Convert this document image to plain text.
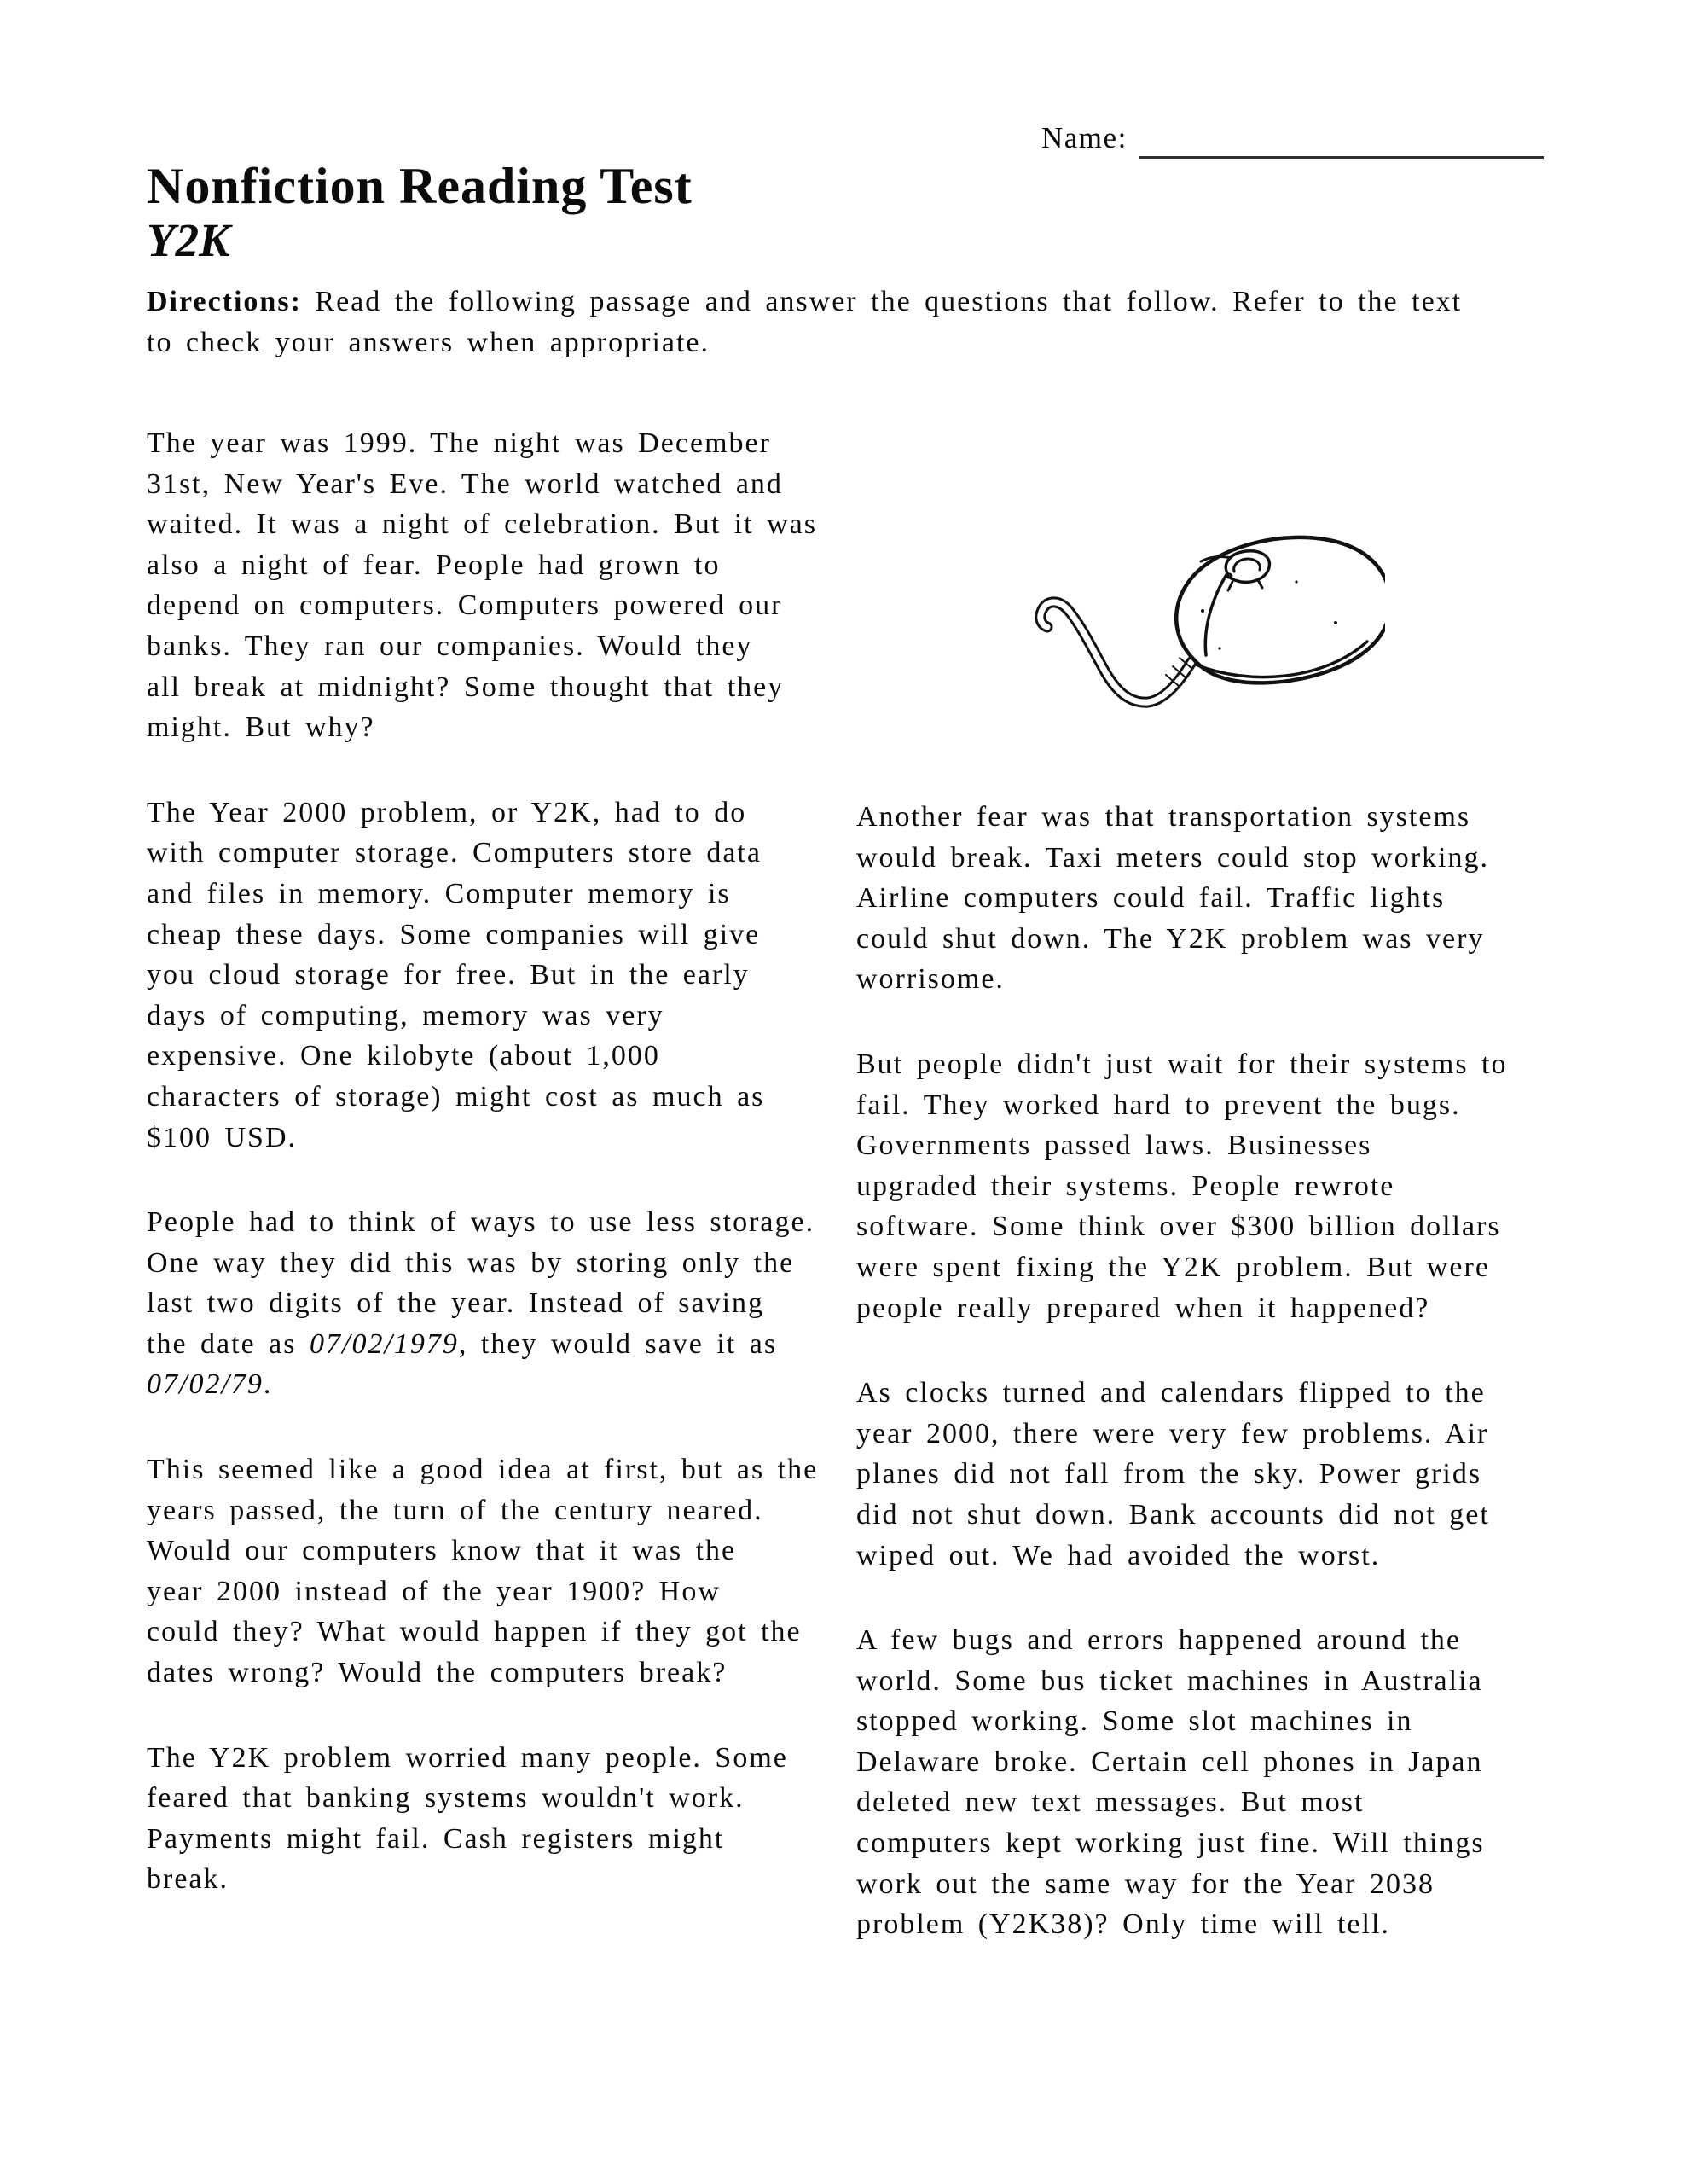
Name:
Nonfiction Reading Test
Y2K
Directions: Read the following passage and answer the questions that follow. Refer to the text
to check your answers when appropriate.

The year was 1999. The night was December
31st, New Year's Eve. The world watched and
waited. It was a night of celebration. But it was
also a night of fear. People had grown to
depend on computers. Computers powered our
banks. They ran our companies. Would they
all break at midnight? Some thought that they
might. But why?

The Year 2000 problem, or Y2K, had to do
with computer storage. Computers store data
and files in memory. Computer memory is
cheap these days. Some companies will give
you cloud storage for free. But in the early
days of computing, memory was very
expensive. One kilobyte (about 1,000
characters of storage) might cost as much as
$100 USD.

People had to think of ways to use less storage.
One way they did this was by storing only the
last two digits of the year. Instead of saving
the date as 07/02/1979, they would save it as
07/02/79.

This seemed like a good idea at first, but as the
years passed, the turn of the century neared.
Would our computers know that it was the
year 2000 instead of the year 1900? How
could they? What would happen if they got the
dates wrong? Would the computers break?

The Y2K problem worried many people. Some
feared that banking systems wouldn't work.
Payments might fail. Cash registers might
break.

Another fear was that transportation systems
would break. Taxi meters could stop working.
Airline computers could fail. Traffic lights
could shut down. The Y2K problem was very
worrisome.

But people didn't just wait for their systems to
fail. They worked hard to prevent the bugs.
Governments passed laws. Businesses
upgraded their systems. People rewrote
software. Some think over $300 billion dollars
were spent fixing the Y2K problem. But were
people really prepared when it happened?

As clocks turned and calendars flipped to the
year 2000, there were very few problems. Air
planes did not fall from the sky. Power grids
did not shut down. Bank accounts did not get
wiped out. We had avoided the worst.

A few bugs and errors happened around the
world. Some bus ticket machines in Australia
stopped working. Some slot machines in
Delaware broke. Certain cell phones in Japan
deleted new text messages. But most
computers kept working just fine. Will things
work out the same way for the Year 2038
problem (Y2K38)? Only time will tell.
